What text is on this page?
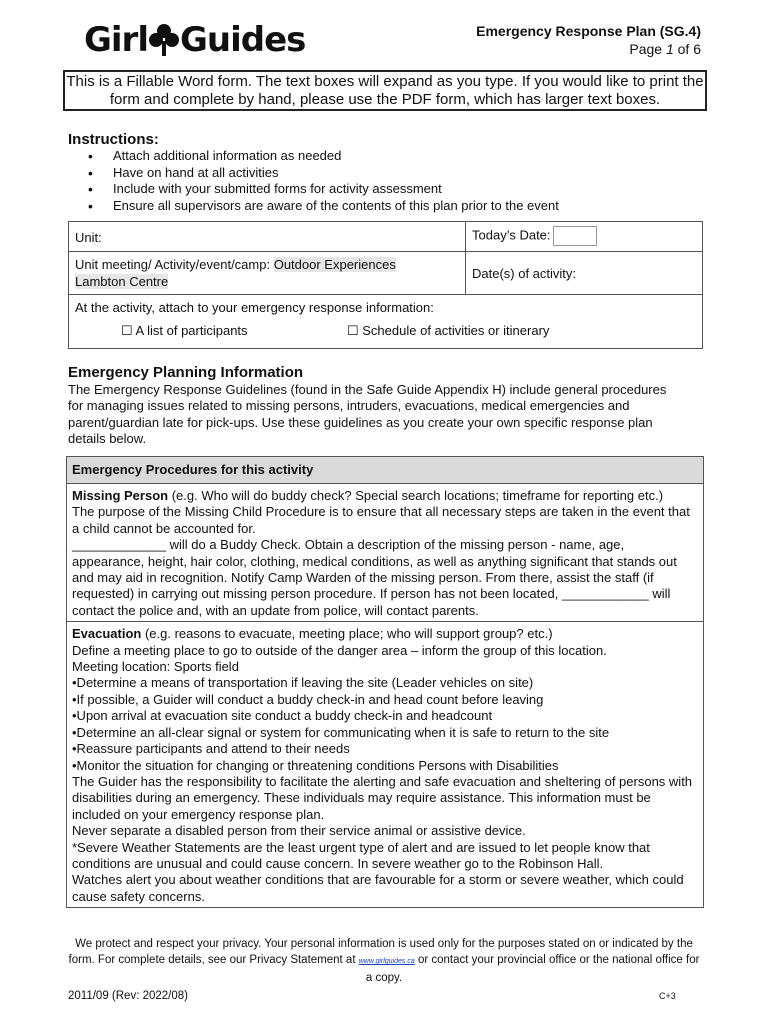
Girl Guides	Emergency Response Plan (SG.4)
Page 1 of 6
This is a Fillable Word form. The text boxes will expand as you type. If you would like to print the form and complete by hand, please use the PDF form, which has larger text boxes.
Instructions:
• Attach additional information as needed
• Have on hand at all activities
• Include with your submitted forms for activity assessment
• Ensure all supervisors are aware of the contents of this plan prior to the event
Unit:	Today’s Date:
Unit meeting/ Activity/event/camp: Outdoor Experiences
Lambton Centre	Date(s) of activity:

At the activity, attach to your emergency response information:
☐ A list of participants ☐ Schedule of activities or itinerary	
Emergency Planning Information

The Emergency Response Guidelines (found in the Safe Guide Appendix H) include general procedures for managing issues related to missing persons, intruders, evacuations, medical emergencies and parent/guardian late for pick-ups. Use these guidelines as you create your own specific response plan details below.

Emergency Procedures for this activity

Missing Person (e.g. Who will do buddy check? Special search locations; timeframe for reporting etc.)

The purpose of the Missing Child Procedure is to ensure that all necessary steps are taken in the event that a child cannot be accounted for.

_____________ will do a Buddy Check. Obtain a description of the missing person - name, age, appearance, height, hair color, clothing, medical conditions, as well as anything significant that stands out and may aid in recognition. Notify Camp Warden of the missing person. From there, assist the staff (if requested) in carrying out missing person procedure. If person has not been located, ____________ will contact the police and, with an update from police, will contact parents.

Evacuation (e.g. reasons to evacuate, meeting place; who will support group? etc.)

Define a meeting place to go to outside of the danger area – inform the group of this location.

Meeting location: Sports field

•Determine a means of transportation if leaving the site (Leader vehicles on site)

•If possible, a Guider will conduct a buddy check-in and head count before leaving

•Upon arrival at evacuation site conduct a buddy check-in and headcount

•Determine an all-clear signal or system for communicating when it is safe to return to the site

•Reassure participants and attend to their needs

•Monitor the situation for changing or threatening conditions Persons with Disabilities

The Guider has the responsibility to facilitate the alerting and safe evacuation and sheltering of persons with disabilities during an emergency. These individuals may require assistance. This information must be included on your emergency response plan.

Never separate a disabled person from their service animal or assistive device.

*Severe Weather Statements are the least urgent type of alert and are issued to let people know that conditions are unusual and could cause concern. In severe weather go to the Robinson Hall.

Watches alert you about weather conditions that are favourable for a storm or severe weather, which could cause safety concerns.

We protect and respect your privacy. Your personal information is used only for the purposes stated on or indicated by the form. For complete details, see our Privacy Statement at www.girlguides.ca or contact your provincial office or the national office for a copy.
2011/09 (Rev: 2022/08)	C+3
